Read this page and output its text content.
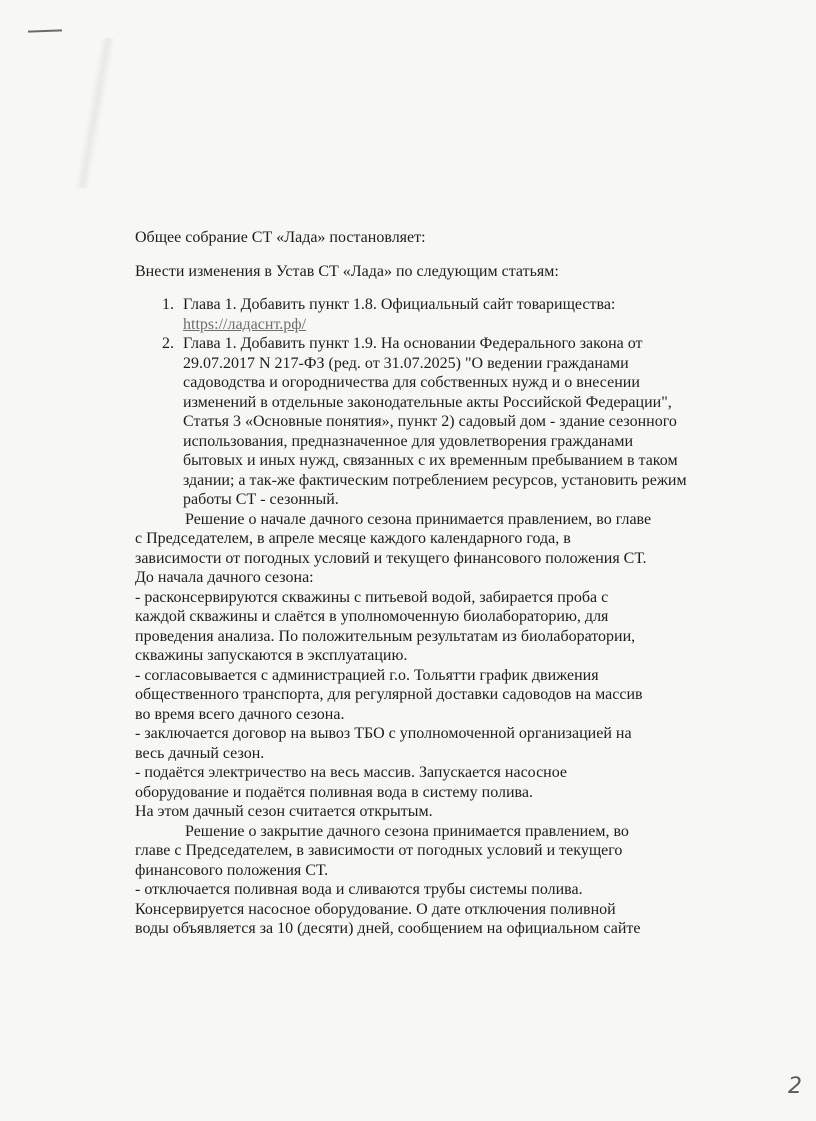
Общее собрание СТ «Лада» постановляет:

Внести изменения в Устав СТ «Лада» по следующим статьям:

1. Глава 1. Добавить пункт 1.8. Официальный сайт товарищества:
https://ладаснт.рф/
2. Глава 1. Добавить пункт 1.9. На основании Федерального закона от
29.07.2017 N 217-ФЗ (ред. от 31.07.2025) "О ведении гражданами
садоводства и огородничества для собственных нужд и о внесении
изменений в отдельные законодательные акты Российской Федерации",
Статья 3 «Основные понятия», пункт 2) садовый дом - здание сезонного
использования, предназначенное для удовлетворения гражданами
бытовых и иных нужд, связанных с их временным пребыванием в таком
здании; а так-же фактическим потреблением ресурсов, установить режим
работы СТ - сезонный.

Решение о начале дачного сезона принимается правлением, во главе

с Председателем, в апреле месяце каждого календарного года, в

зависимости от погодных условий и текущего финансового положения СТ.

До начала дачного сезона:

- расконсервируются скважины с питьевой водой, забирается проба с

каждой скважины и слаётся в уполномоченную биолабораторию, для

проведения анализа. По положительным результатам из биолаборатории,

скважины запускаются в эксплуатацию.

- согласовывается с администрацией г.о. Тольятти график движения

общественного транспорта, для регулярной доставки садоводов на массив

во время всего дачного сезона.

- заключается договор на вывоз ТБО с уполномоченной организацией на

весь дачный сезон.

- подаётся электричество на весь массив. Запускается насосное

оборудование и подаётся поливная вода в систему полива.

На этом дачный сезон считается открытым.

Решение о закрытие дачного сезона принимается правлением, во

главе с Председателем, в зависимости от погодных условий и текущего

финансового положения СТ.

- отключается поливная вода и сливаются трубы системы полива.

Консервируется насосное оборудование. О дате отключения поливной

воды объявляется за 10 (десяти) дней, сообщением на официальном сайте

2
